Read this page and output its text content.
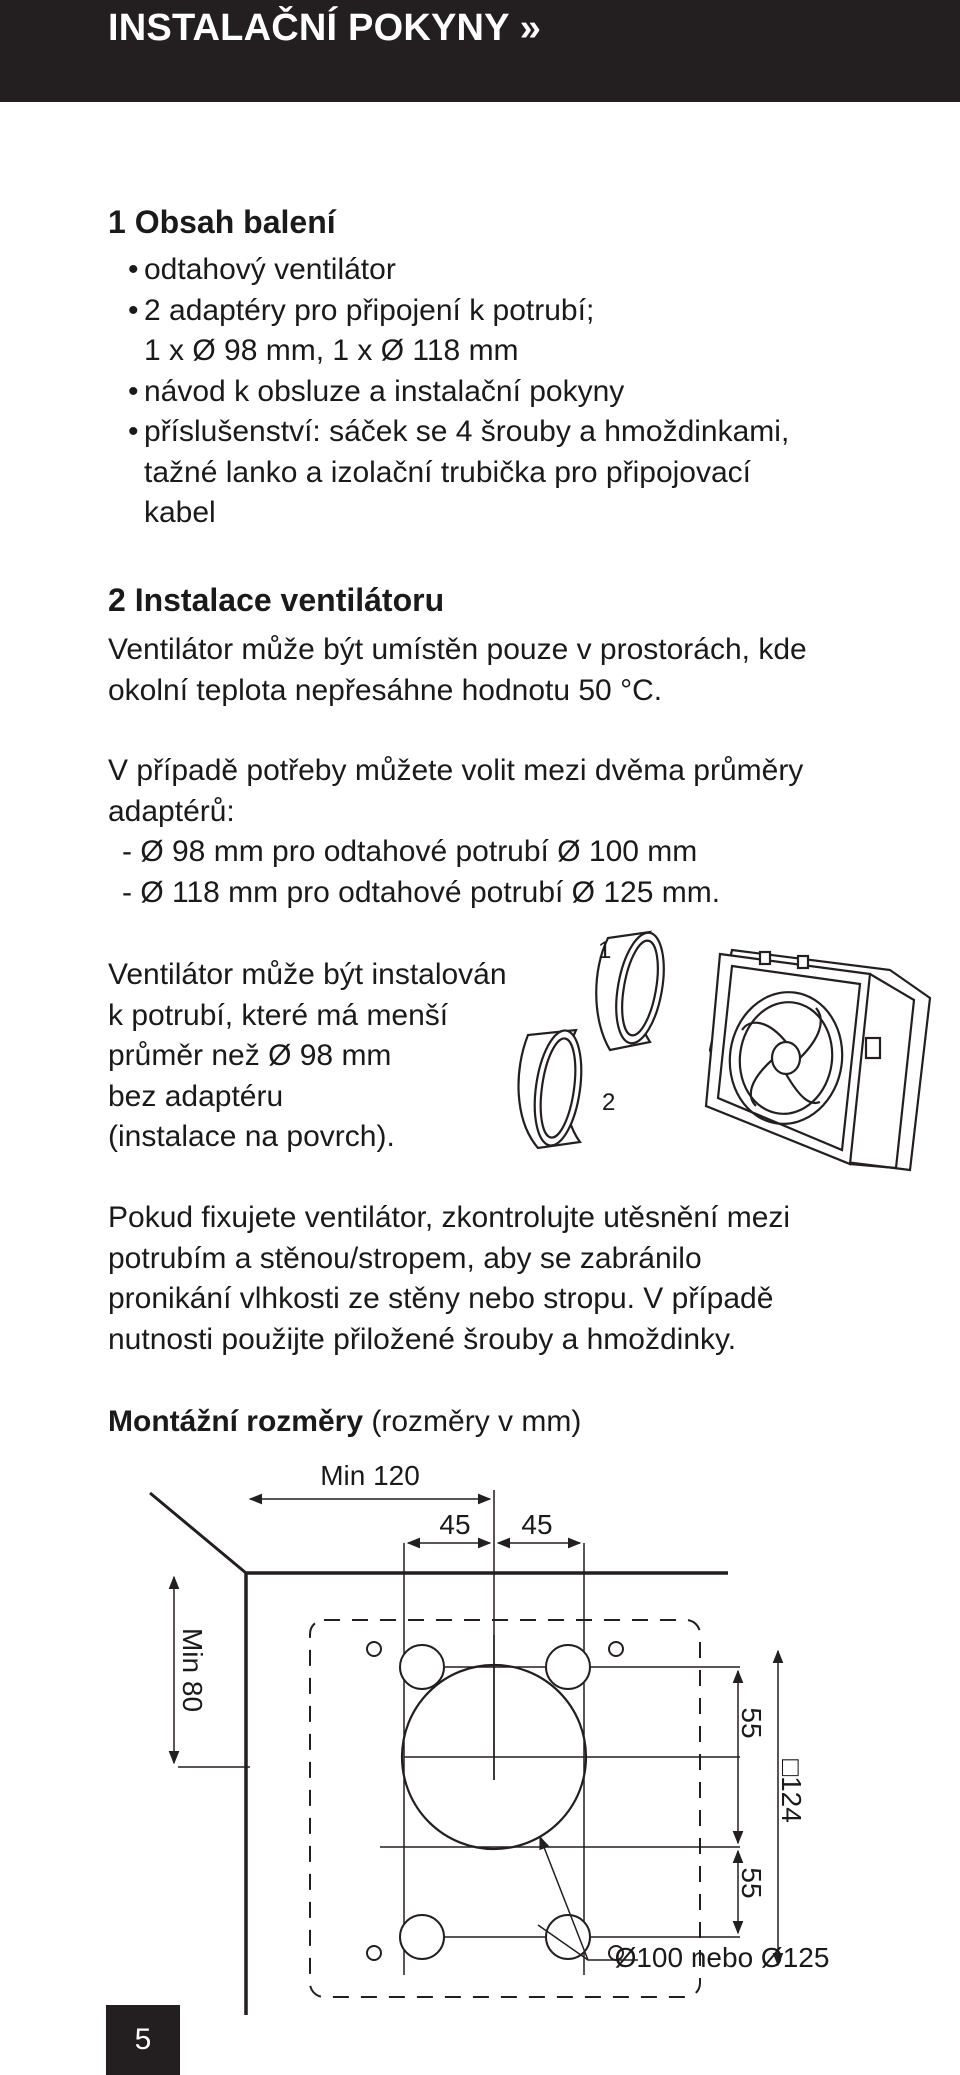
INSTALAČNÍ POKYNY »
1 Obsah balení
• odtahový ventilátor
• 2 adaptéry pro připojení k potrubí;
1 x Ø 98 mm, 1 x Ø 118 mm
• návod k obsluze a instalační pokyny
• příslušenství: sáček se 4 šrouby a hmoždinkami,
tažné lanko a izolační trubička pro připojovací
kabel
2 Instalace ventilátoru
Ventilátor může být umístěn pouze v prostorách, kde
okolní teplota nepřesáhne hodnotu 50 °C.
V případě potřeby můžete volit mezi dvěma průměry
adaptérů:
- Ø 98 mm pro odtahové potrubí Ø 100 mm
- Ø 118 mm pro odtahové potrubí Ø 125 mm.
Ventilátor může být instalován
k potrubí, které má menší
průměr než Ø 98 mm
bez adaptéru
(instalace na povrch).
1
2
Pokud fixujete ventilátor, zkontrolujte utěsnění mezi
potrubím a stěnou/stropem, aby se zabránilo
pronikání vlhkosti ze stěny nebo stropu. V případě
nutnosti použijte přiložené šrouby a hmoždinky.
Montážní rozměry (rozměry v mm)
Min 120
45 45
Min 80
55
55
□124
Ø100 nebo Ø125
5
